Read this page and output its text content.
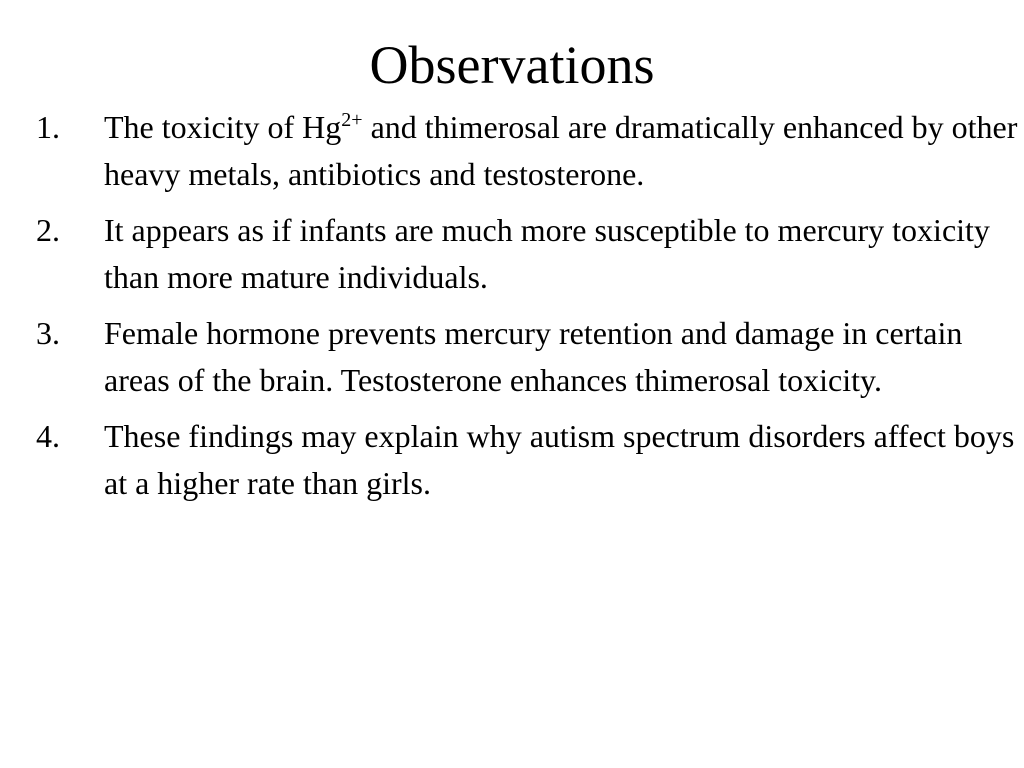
Observations
1. The toxicity of $Hg^{2+}$ and thimerosal are dramatically enhanced by other heavy metals, antibiotics and testosterone.
2. It appears as if infants are much more susceptible to mercury toxicity than more mature individuals.
3. Female hormone prevents mercury retention and damage in certain areas of the brain. Testosterone enhances thimerosal toxicity.
4. These findings may explain why autism spectrum disorders affect boys at a higher rate than girls.
